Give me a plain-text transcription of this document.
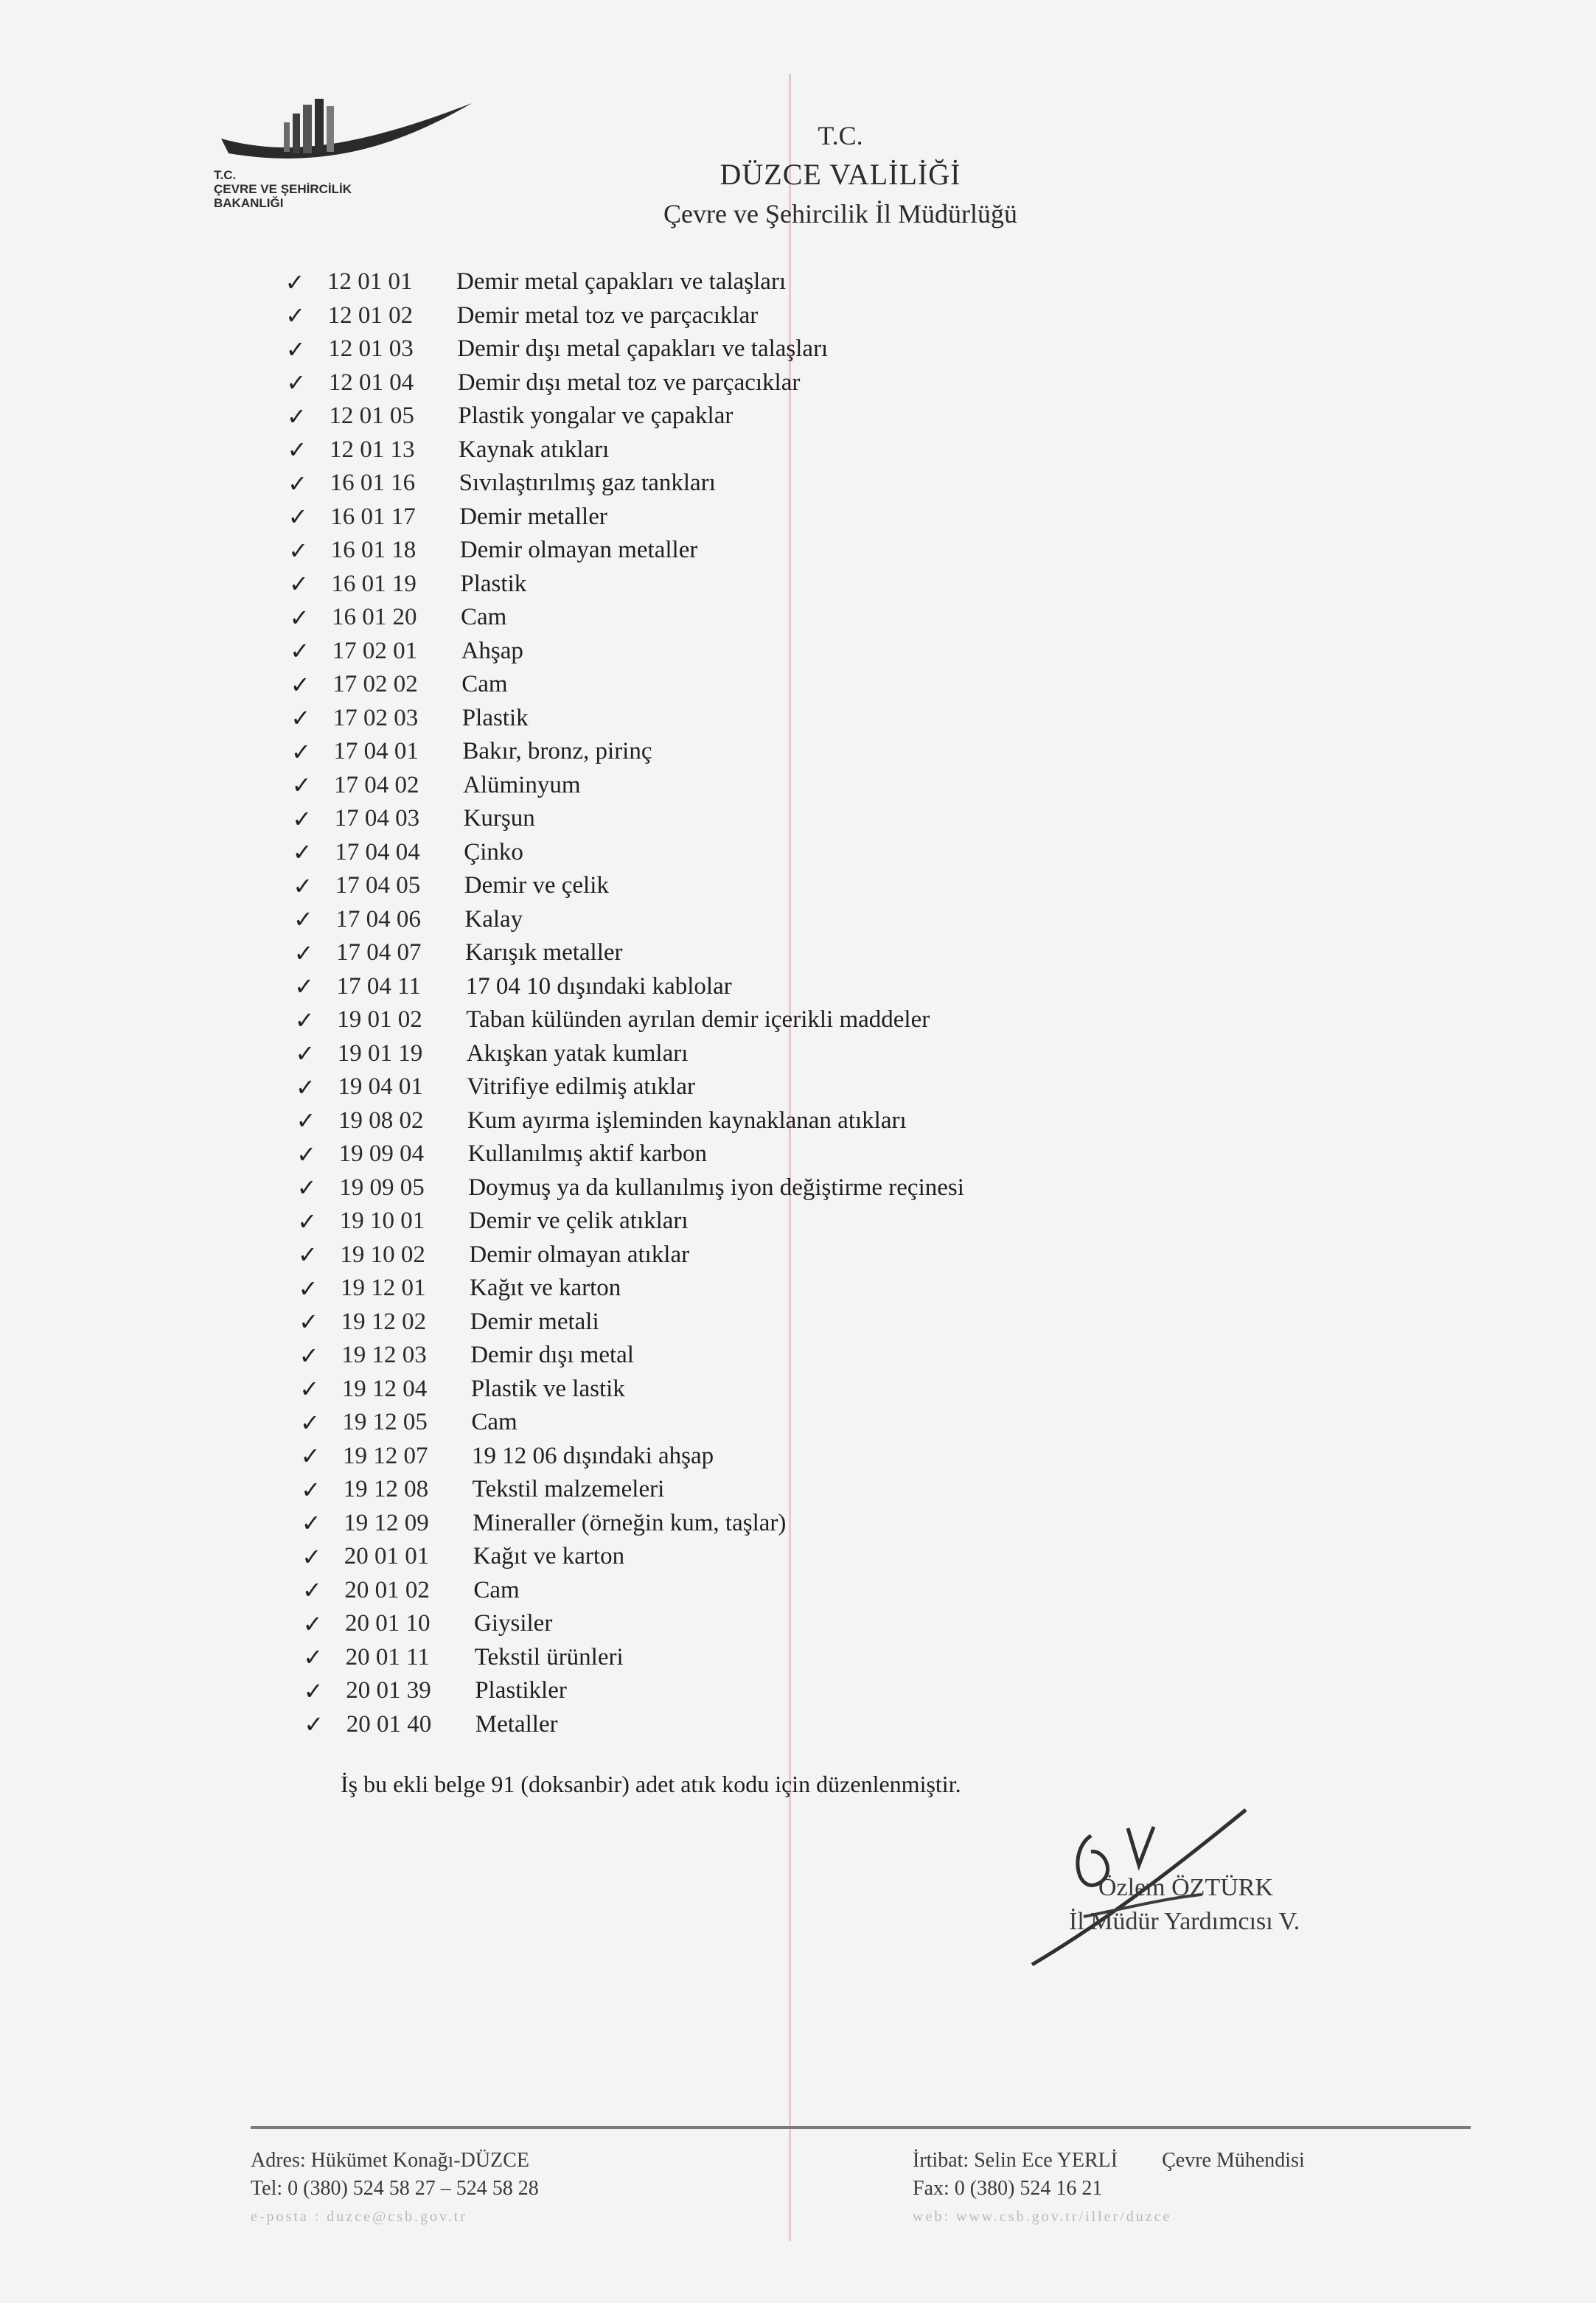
T.C.
ÇEVRE VE ŞEHİRCİLİK
BAKANLIĞI
T.C.
DÜZCE VALİLİĞİ
Çevre ve Şehircilik İl Müdürlüğü
✓ 12 01 01	Demir metal çapakları ve talaşları
✓ 12 01 02	Demir metal toz ve parçacıklar
✓ 12 01 03	Demir dışı metal çapakları ve talaşları
✓ 12 01 04	Demir dışı metal toz ve parçacıklar
✓ 12 01 05	Plastik yongalar ve çapaklar
✓ 12 01 13	Kaynak atıkları
✓ 16 01 16	Sıvılaştırılmış gaz tankları
✓ 16 01 17	Demir metaller
✓ 16 01 18	Demir olmayan metaller
✓ 16 01 19	Plastik
✓ 16 01 20	Cam
✓ 17 02 01	Ahşap
✓ 17 02 02	Cam
✓ 17 02 03	Plastik
✓ 17 04 01	Bakır, bronz, pirinç
✓ 17 04 02	Alüminyum
✓ 17 04 03	Kurşun
✓ 17 04 04	Çinko
✓ 17 04 05	Demir ve çelik
✓ 17 04 06	Kalay
✓ 17 04 07	Karışık metaller
✓ 17 04 11	17 04 10 dışındaki kablolar
✓ 19 01 02	Taban külünden ayrılan demir içerikli maddeler
✓ 19 01 19	Akışkan yatak kumları
✓ 19 04 01	Vitrifiye edilmiş atıklar
✓ 19 08 02	Kum ayırma işleminden kaynaklanan atıkları
✓ 19 09 04	Kullanılmış aktif karbon
✓ 19 09 05	Doymuş ya da kullanılmış iyon değiştirme reçinesi
✓ 19 10 01	Demir ve çelik atıkları
✓ 19 10 02	Demir olmayan atıklar
✓ 19 12 01	Kağıt ve karton
✓ 19 12 02	Demir metali
✓ 19 12 03	Demir dışı metal
✓ 19 12 04	Plastik ve lastik
✓ 19 12 05	Cam
✓ 19 12 07	19 12 06 dışındaki ahşap
✓ 19 12 08	Tekstil malzemeleri
✓ 19 12 09	Mineraller (örneğin kum, taşlar)
✓ 20 01 01	Kağıt ve karton
✓ 20 01 02	Cam
✓ 20 01 10	Giysiler
✓ 20 01 11	Tekstil ürünleri
✓ 20 01 39	Plastikler
✓ 20 01 40	Metaller
İş bu ekli belge 91 (doksanbir) adet atık kodu için düzenlenmiştir.
Özlem ÖZTÜRK
İl Müdür Yardımcısı V.
Adres: Hükümet Konağı-DÜZCE
Tel: 0 (380) 524 58 27 – 524 58 28
e-posta : duzce@csb.gov.tr
İrtibat: Selin Ece YERLİ Çevre Mühendisi
Fax: 0 (380) 524 16 21
web: www.csb.gov.tr/iller/duzce
